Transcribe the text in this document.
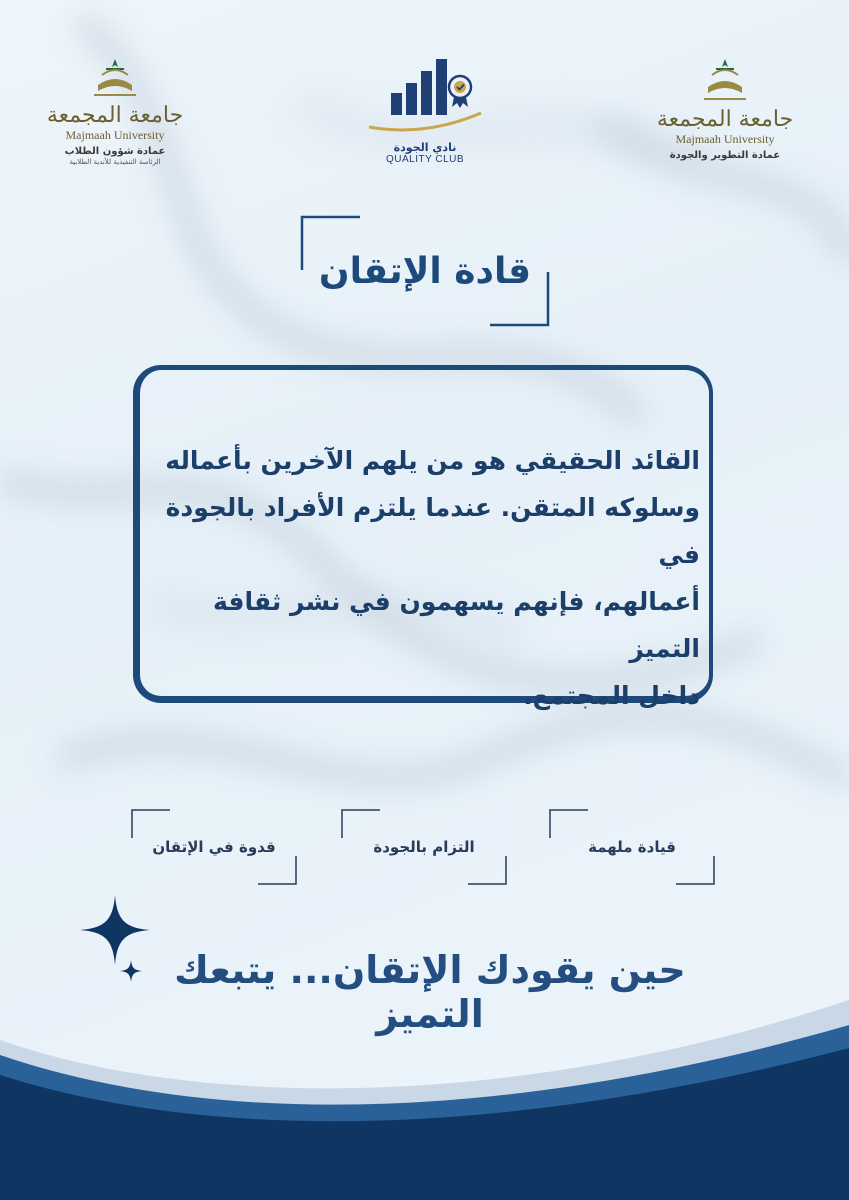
جامعة المجمعة
Majmaah University
عمادة شؤون الطلاب
الرئاسة التنفيذية للأندية الطلابية
نادي الجودة
QUALITY CLUB
جامعة المجمعة
Majmaah University
عمادة التطوير والجودة
قادة الإتقان
القائد الحقيقي هو من يلهم الآخرين بأعماله
وسلوكه المتقن. عندما يلتزم الأفراد بالجودة في
أعمالهم، فإنهم يسهمون في نشر ثقافة التميز
داخل المجتمع.
قيادة ملهمة
التزام بالجودة
قدوة في الإتقان
حين يقودك الإتقان... يتبعك التميز
